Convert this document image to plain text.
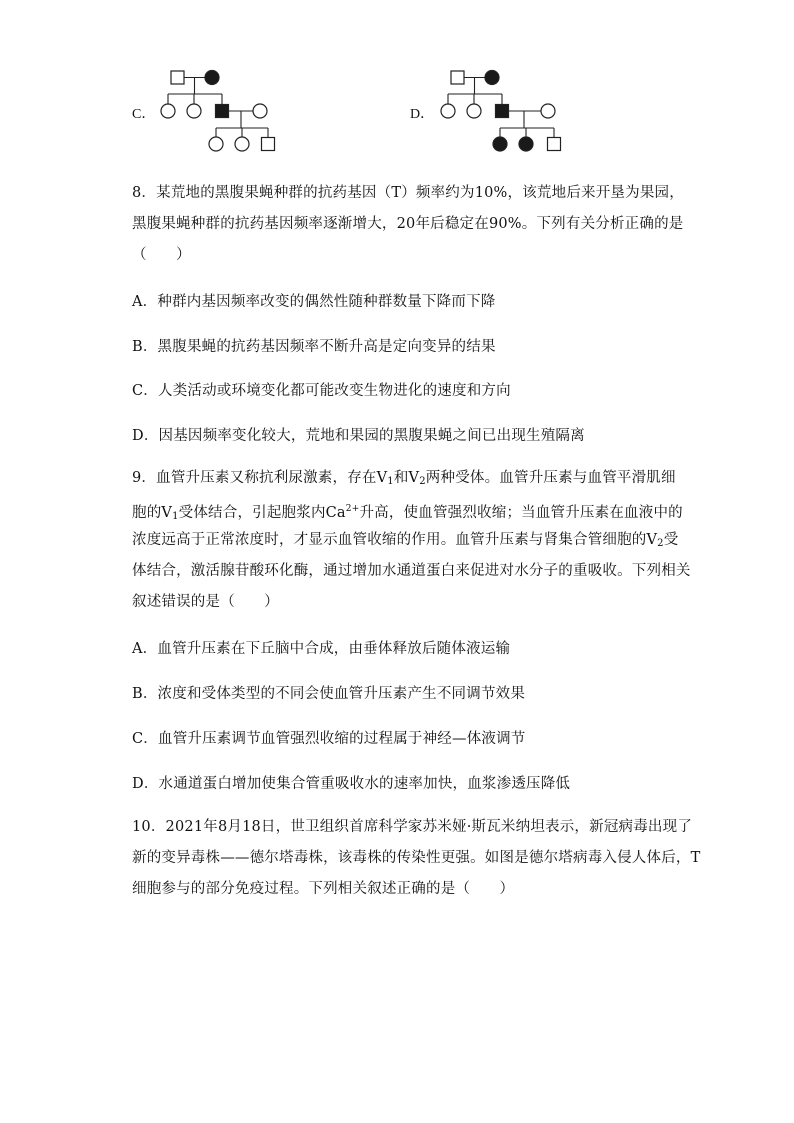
C．	D．
8．某荒地的黑腹果蝇种群的抗药基因（T）频率约为10%，该荒地后来开垦为果园，
黑腹果蝇种群的抗药基因频率逐渐增大，20年后稳定在90%。下列有关分析正确的是
（　　）
A．种群内基因频率改变的偶然性随种群数量下降而下降
B．黑腹果蝇的抗药基因频率不断升高是定向变异的结果
C．人类活动或环境变化都可能改变生物进化的速度和方向
D．因基因频率变化较大，荒地和果园的黑腹果蝇之间已出现生殖隔离
9．血管升压素又称抗利尿激素，存在$V_1$和$V_2$两种受体。血管升压素与血管平滑肌细
胞的$V_1$受体结合，引起胞浆内$Ca^{2+}$升高，使血管强烈收缩；当血管升压素在血液中的
浓度远高于正常浓度时，才显示血管收缩的作用。血管升压素与肾集合管细胞的$V_2$受
体结合，激活腺苷酸环化酶，通过增加水通道蛋白来促进对水分子的重吸收。下列相关
叙述错误的是（　　）
A．血管升压素在下丘脑中合成，由垂体释放后随体液运输
B．浓度和受体类型的不同会使血管升压素产生不同调节效果
C．血管升压素调节血管强烈收缩的过程属于神经—体液调节
D．水通道蛋白增加使集合管重吸收水的速率加快，血浆渗透压降低
10．2021年8月18日，世卫组织首席科学家苏米娅·斯瓦米纳坦表示，新冠病毒出现了
新的变异毒株——德尔塔毒株，该毒株的传染性更强。如图是德尔塔病毒入侵人体后，T
细胞参与的部分免疫过程。下列相关叙述正确的是（　　）
